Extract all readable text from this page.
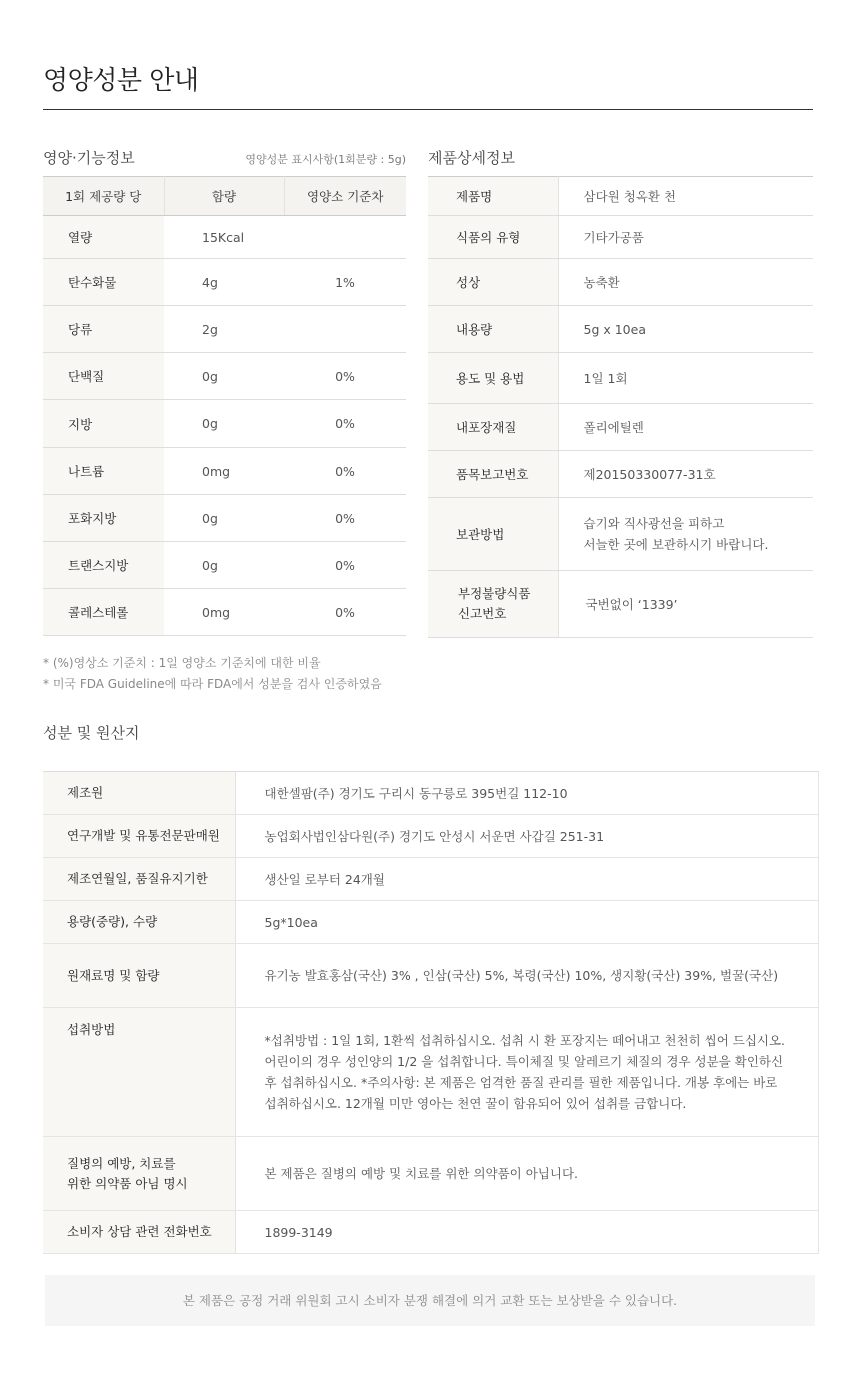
영양성분 안내
영양·기능정보	영양성분 표시사항(1회분량 : 5g) 제품상세정보
1회 제공량 당	함량	영양소 기준차
열량	15Kcal	
탄수화물	4g	1%
당류	2g	
단백질	0g	0%
지방	0g	0%
나트륨	0mg	0%
포화지방	0g	0%
트랜스지방	0g	0%
콜레스테롤	0mg	0%
제품명	삼다원 청옥환 천
식품의 유형	기타가공품
성상	농축환
내용량	5g x 10ea
용도 및 용법	1일 1회
내포장재질	폴리에틸렌
품목보고번호	제20150330077-31호
보관방법	습기와 직사광선을 피하고
서늘한 곳에 보관하시기 바랍니다.

부정불량식품
신고번호	국번없이 ‘1339’
* (%)영상소 기준치 : 1일 영양소 기준치에 대한 비율
* 미국 FDA Guideline에 따라 FDA에서 성분을 검사 인증하였음
성분 및 원산지
제조원	대한셀팜(주) 경기도 구리시 동구릉로 395번길 112-10
연구개발 및 유통전문판매원	농업회사법인삼다원(주) 경기도 안성시 서운면 사갑길 251-31
제조연월일, 품질유지기한	생산일 로부터 24개월
용량(중량), 수량	5g*10ea
원재료명 및 함량	유기농 발효홍삼(국산) 3% , 인삼(국산) 5%, 복령(국산) 10%, 생지황(국산) 39%, 벌꿀(국산)
섭취방법	*섭취방법 : 1일 1회, 1환씩 섭취하십시오. 섭취 시 환 포장지는 떼어내고 천천히 씹어 드십시오.
어린이의 경우 성인양의 1/2 을 섭취합니다. 특이체질 및 알레르기 체질의 경우 성분을 확인하신
후 섭취하십시오. *주의사항: 본 제품은 엄격한 품질 관리를 필한 제품입니다. 개봉 후에는 바로
섭취하십시오. 12개월 미만 영아는 천연 꿀이 함유되어 있어 섭취를 금합니다.

질병의 예방, 치료를
위한 의약품 아님 명시	본 제품은 질병의 예방 및 치료를 위한 의약품이 아닙니다.
소비자 상담 관련 전화번호	1899-3149
본 제품은 공정 거래 위원회 고시 소비자 분쟁 해결에 의거 교환 또는 보상받을 수 있습니다.
